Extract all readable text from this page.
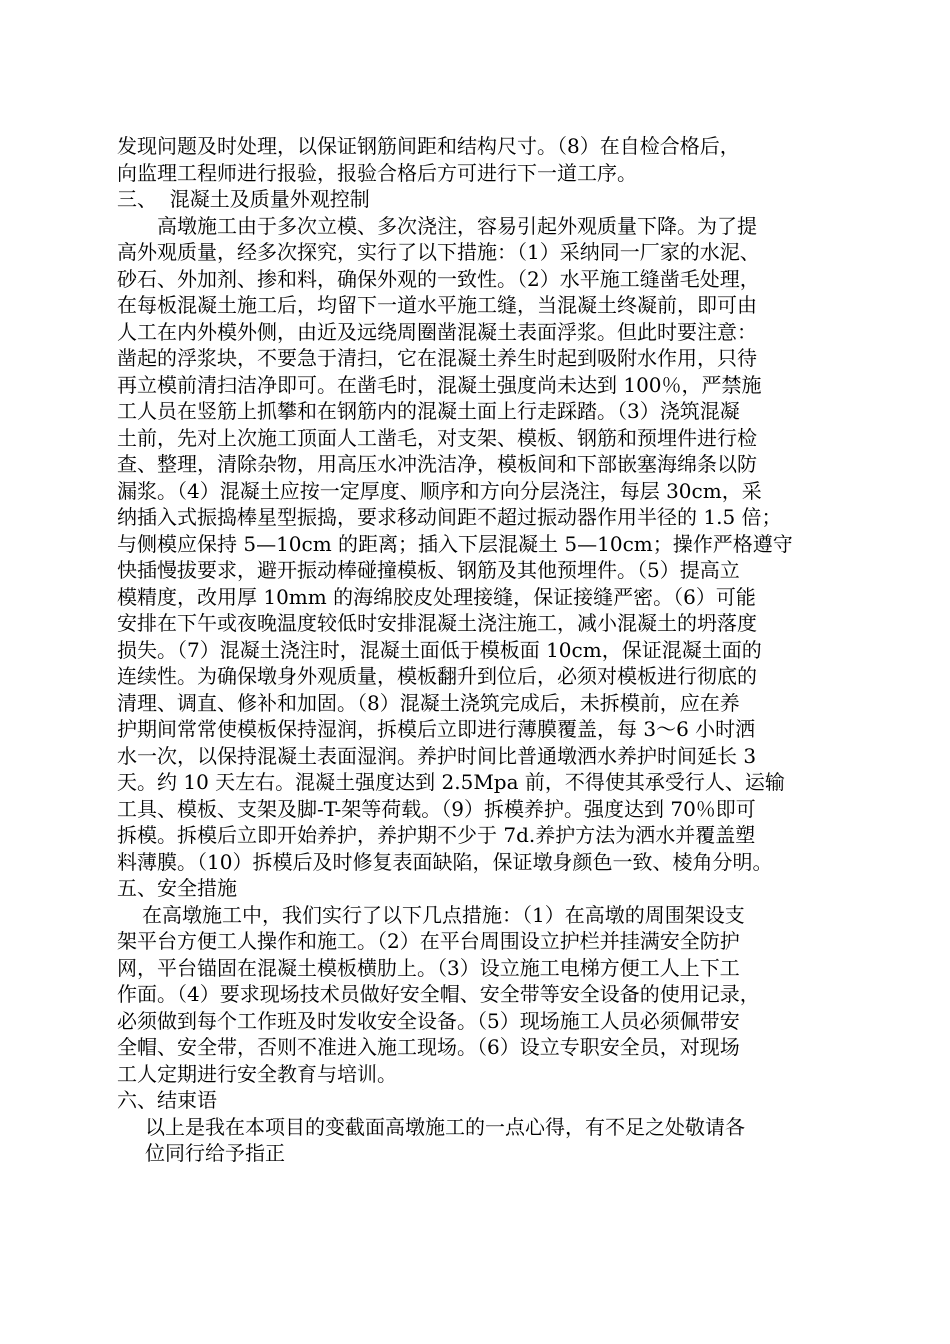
发现问题及时处理，以保证钢筋间距和结构尺寸。（8）在自检合格后，
向监理工程师进行报验，报验合格后方可进行下一道工序。
三、  混凝土及质量外观控制
高墩施工由于多次立模、多次浇注，容易引起外观质量下降。为了提
高外观质量，经多次探究，实行了以下措施：（1）采纳同一厂家的水泥、
砂石、外加剂、掺和料，确保外观的一致性。（2）水平施工缝凿毛处理，
在每板混凝土施工后，均留下一道水平施工缝，当混凝土终凝前，即可由
人工在内外模外侧，由近及远绕周圈凿混凝土表面浮浆。但此时要注意：
凿起的浮浆块，不要急于清扫，它在混凝土养生时起到吸附水作用，只待
再立模前清扫洁净即可。在凿毛时，混凝土强度尚未达到 100％，严禁施
工人员在竖筋上抓攀和在钢筋内的混凝土面上行走踩踏。（3）浇筑混凝
土前，先对上次施工顶面人工凿毛，对支架、模板、钢筋和预埋件进行检
查、整理，清除杂物，用高压水冲洗洁净，模板间和下部嵌塞海绵条以防
漏浆。（4）混凝土应按一定厚度、顺序和方向分层浇注，每层 30cm，采
纳插入式振捣棒星型振捣，要求移动间距不超过振动器作用半径的 1.5 倍；
与侧模应保持 5—10cm 的距离；插入下层混凝土 5—10cm；操作严格遵守
快插慢拔要求，避开振动棒碰撞模板、钢筋及其他预埋件。（5）提高立
模精度，改用厚 10mm 的海绵胶皮处理接缝，保证接缝严密。（6）可能
安排在下午或夜晚温度较低时安排混凝土浇注施工，减小混凝土的坍落度
损失。（7）混凝土浇注时，混凝土面低于模板面 10cm，保证混凝土面的
连续性。为确保墩身外观质量，模板翻升到位后，必须对模板进行彻底的
清理、调直、修补和加固。（8）混凝土浇筑完成后，未拆模前，应在养
护期间常常使模板保持湿润，拆模后立即进行薄膜覆盖，每 3～6 小时洒
水一次，以保持混凝土表面湿润。养护时间比普通墩洒水养护时间延长 3
天。约 10 天左右。混凝土强度达到 2.5Mpa 前，不得使其承受行人、运输
工具、模板、支架及脚-T-架等荷载。（9）拆模养护。强度达到 70％即可
拆模。拆模后立即开始养护，养护期不少于 7d.养护方法为洒水并覆盖塑
料薄膜。（10）拆模后及时修复表面缺陷，保证墩身颜色一致、棱角分明。
五、安全措施
在高墩施工中，我们实行了以下几点措施：（1）在高墩的周围架设支
架平台方便工人操作和施工。（2）在平台周围设立护栏并挂满安全防护
网，平台锚固在混凝土模板横肋上。（3）设立施工电梯方便工人上下工
作面。（4）要求现场技术员做好安全帽、安全带等安全设备的使用记录，
必须做到每个工作班及时发收安全设备。（5）现场施工人员必须佩带安
全帽、安全带，否则不准进入施工现场。（6）设立专职安全员，对现场
工人定期进行安全教育与培训。
六、结束语
以上是我在本项目的变截面高墩施工的一点心得，有不足之处敬请各
位同行给予指正
